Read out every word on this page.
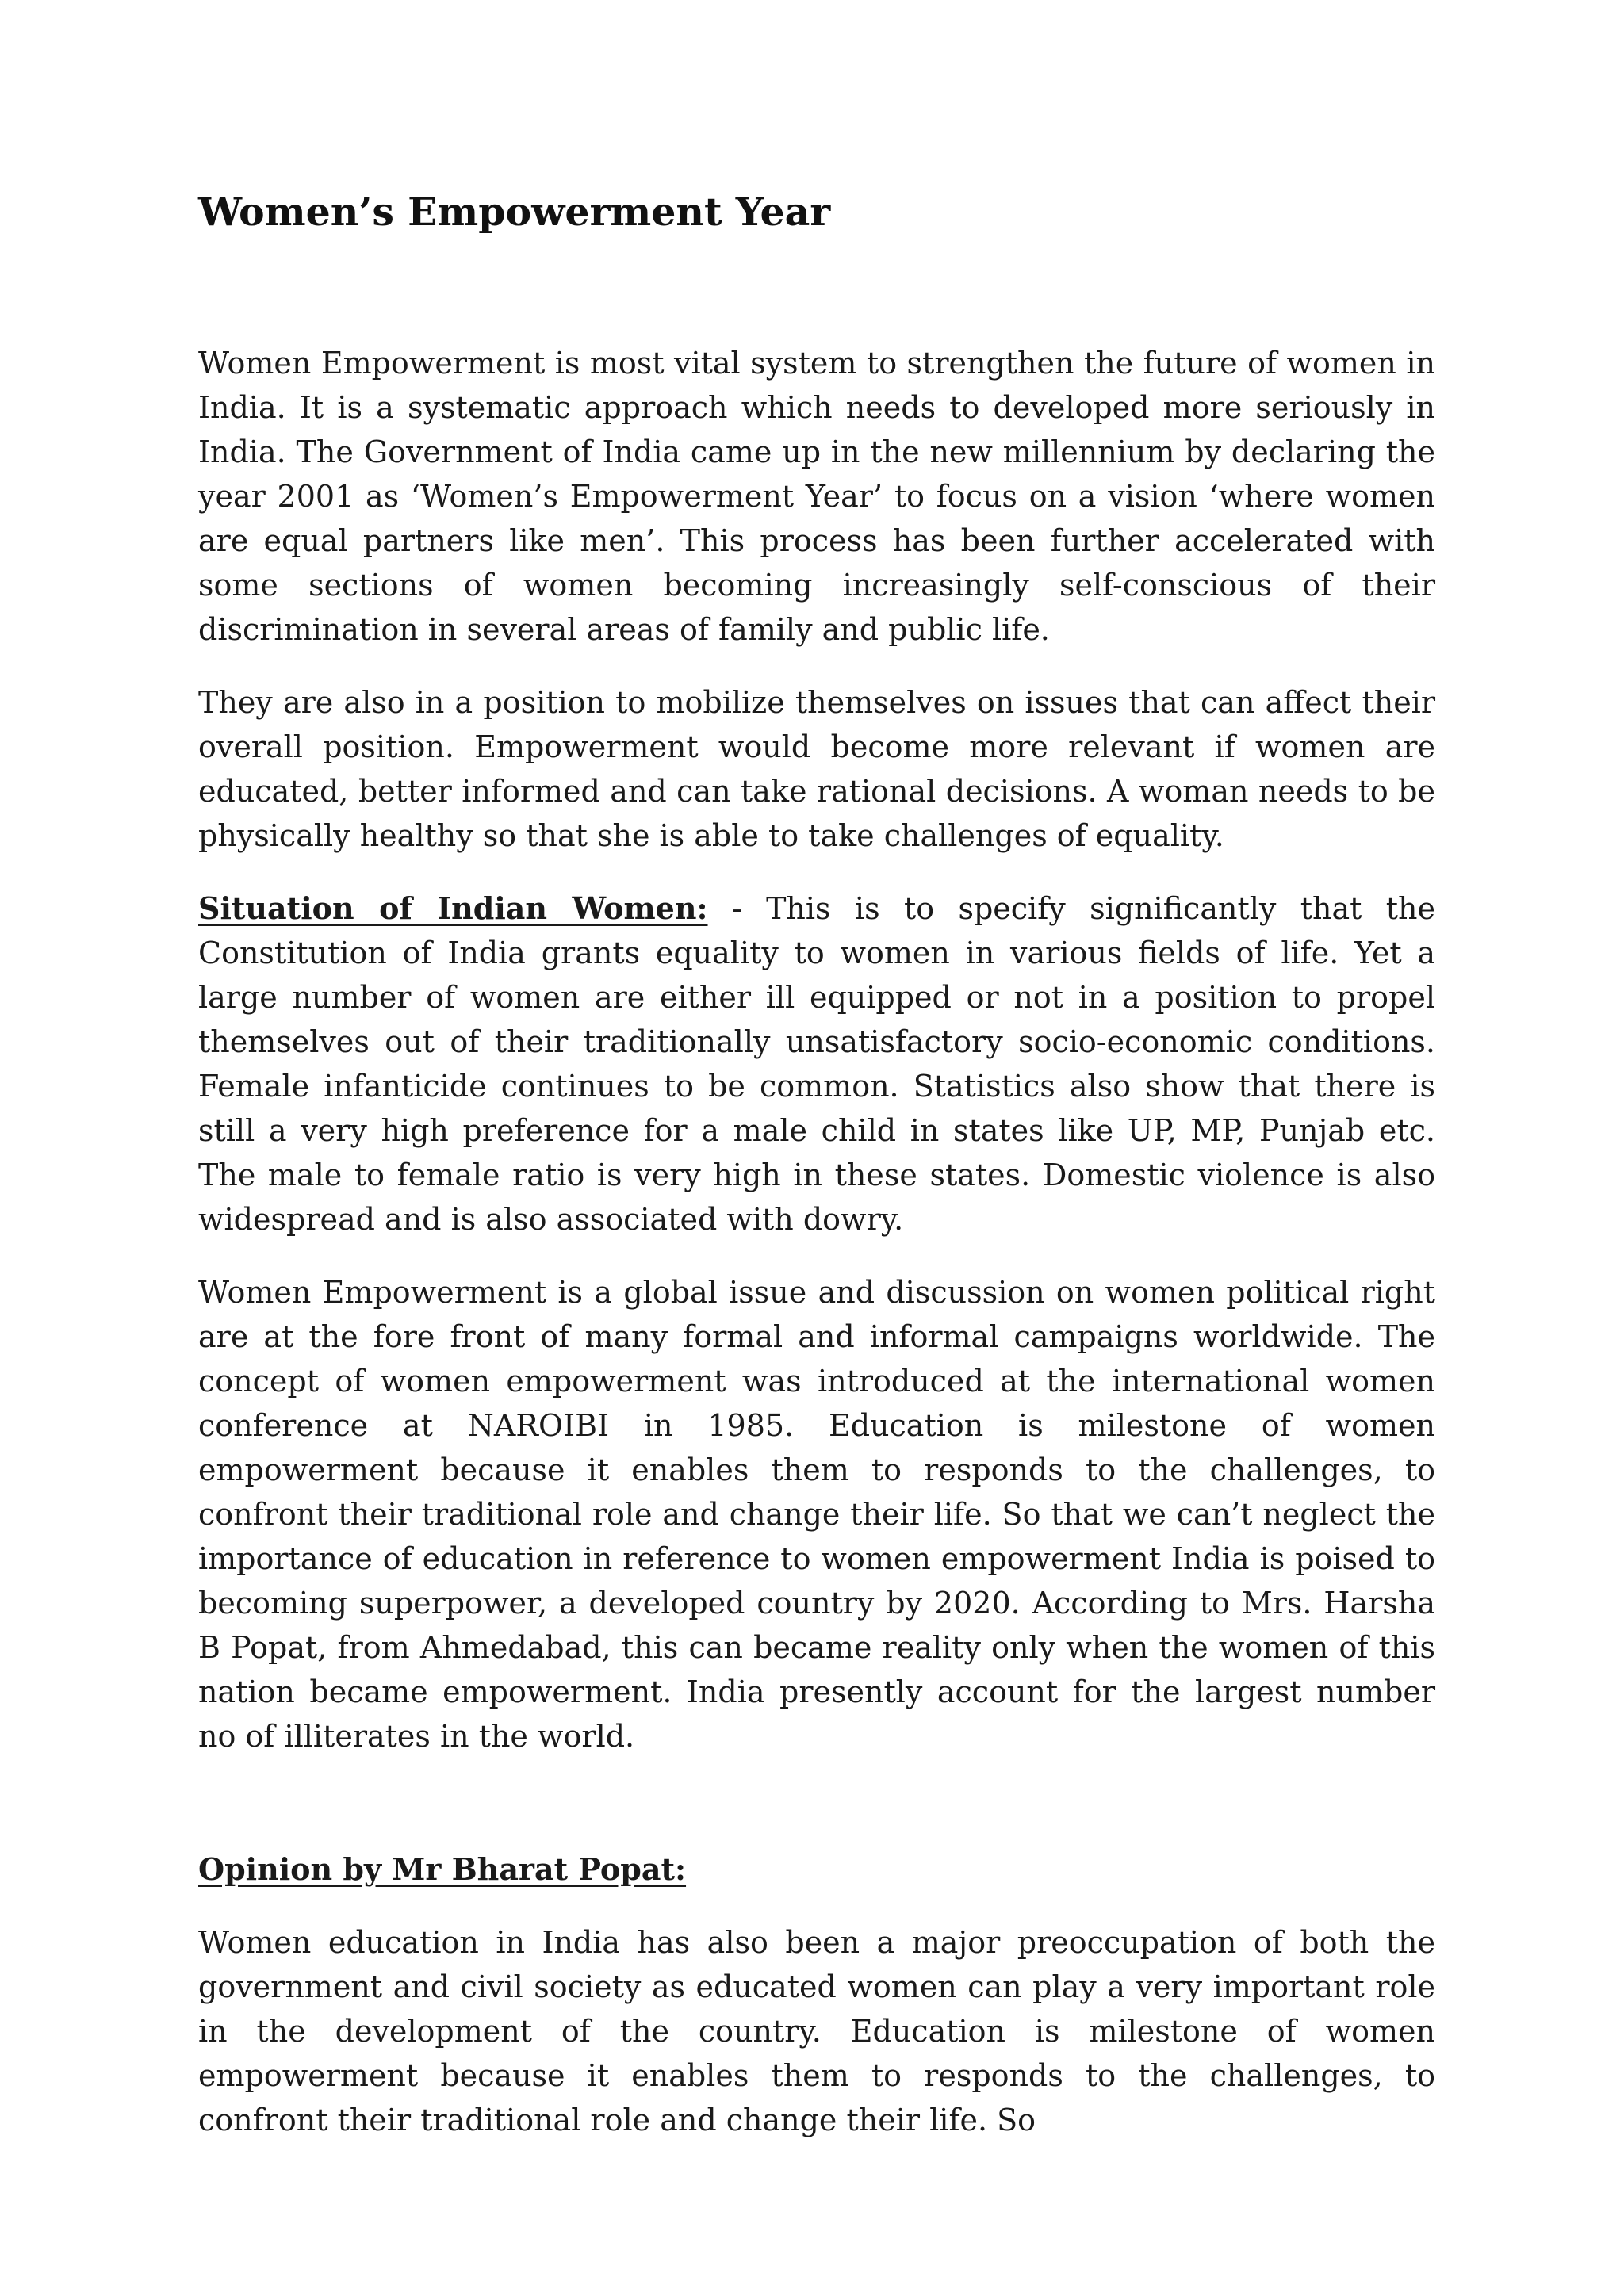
Women’s Empowerment Year

Women Empowerment is most vital system to strengthen the future of women in India. It is a systematic approach which needs to developed more seriously in India. The Government of India came up in the new millennium by declaring the year 2001 as ‘Women’s Empowerment Year’ to focus on a vision ‘where women are equal partners like men’. This process has been further accelerated with some sections of women becoming increasingly self-conscious of their discrimination in several areas of family and public life.

They are also in a position to mobilize themselves on issues that can affect their overall position. Empowerment would become more relevant if women are educated, better informed and can take rational decisions. A woman needs to be physically healthy so that she is able to take challenges of equality.

Situation of Indian Women: - This is to specify significantly that the Constitution of India grants equality to women in various fields of life. Yet a large number of women are either ill equipped or not in a position to propel themselves out of their traditionally unsatisfactory socio-economic conditions. Female infanticide continues to be common. Statistics also show that there is still a very high preference for a male child in states like UP, MP, Punjab etc. The male to female ratio is very high in these states. Domestic violence is also widespread and is also associated with dowry.

Women Empowerment is a global issue and discussion on women political right are at the fore front of many formal and informal campaigns worldwide. The concept of women empowerment was introduced at the international women conference at NAROIBI in 1985. Education is milestone of women empowerment because it enables them to responds to the challenges, to confront their traditional role and change their life. So that we can’t neglect the importance of education in reference to women empowerment India is poised to becoming superpower, a developed country by 2020. According to Mrs. Harsha B Popat, from Ahmedabad, this can became reality only when the women of this nation became empowerment. India presently account for the largest number no of illiterates in the world.

Opinion by Mr Bharat Popat:

Women education in India has also been a major preoccupation of both the government and civil society as educated women can play a very important role in the development of the country. Education is milestone of women empowerment because it enables them to responds to the challenges, to confront their traditional role and change their life. So
